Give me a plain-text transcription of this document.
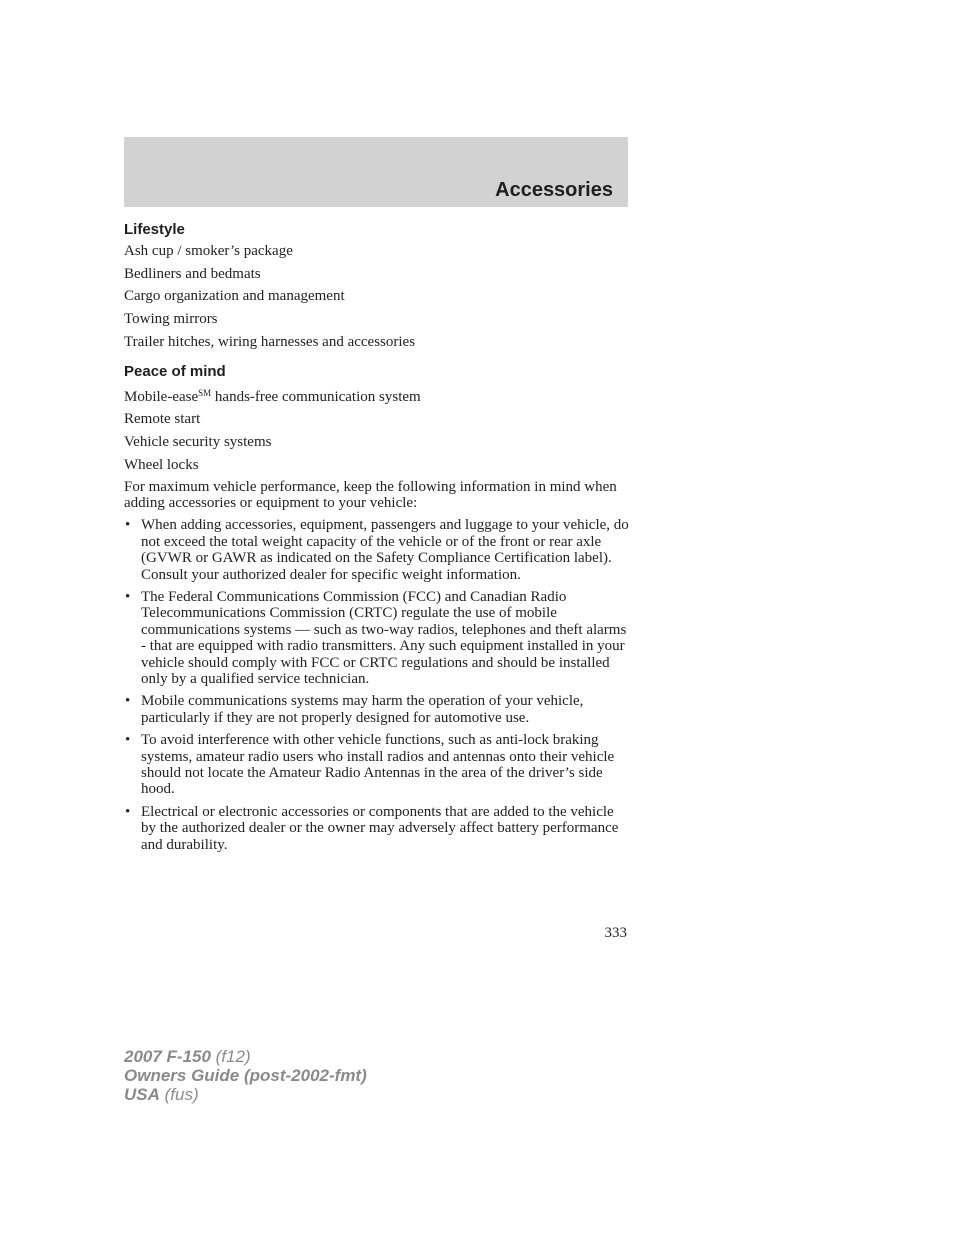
Accessories
Lifestyle
Ash cup / smoker’s package
Bedliners and bedmats
Cargo organization and management
Towing mirrors
Trailer hitches, wiring harnesses and accessories
Peace of mind
Mobile-ease℠ hands-free communication system
Remote start
Vehicle security systems
Wheel locks
For maximum vehicle performance, keep the following information in mind when adding accessories or equipment to your vehicle:
• When adding accessories, equipment, passengers and luggage to your vehicle, do not exceed the total weight capacity of the vehicle or of the front or rear axle (GVWR or GAWR as indicated on the Safety Compliance Certification label). Consult your authorized dealer for specific weight information.
• The Federal Communications Commission (FCC) and Canadian Radio Telecommunications Commission (CRTC) regulate the use of mobile communications systems — such as two-way radios, telephones and theft alarms - that are equipped with radio transmitters. Any such equipment installed in your vehicle should comply with FCC or CRTC regulations and should be installed only by a qualified service technician.
• Mobile communications systems may harm the operation of your vehicle, particularly if they are not properly designed for automotive use.
• To avoid interference with other vehicle functions, such as anti-lock braking systems, amateur radio users who install radios and antennas onto their vehicle should not locate the Amateur Radio Antennas in the area of the driver’s side hood.
• Electrical or electronic accessories or components that are added to the vehicle by the authorized dealer or the owner may adversely affect battery performance and durability.
333
2007 F-150 (f12)
Owners Guide (post-2002-fmt)
USA (fus)
